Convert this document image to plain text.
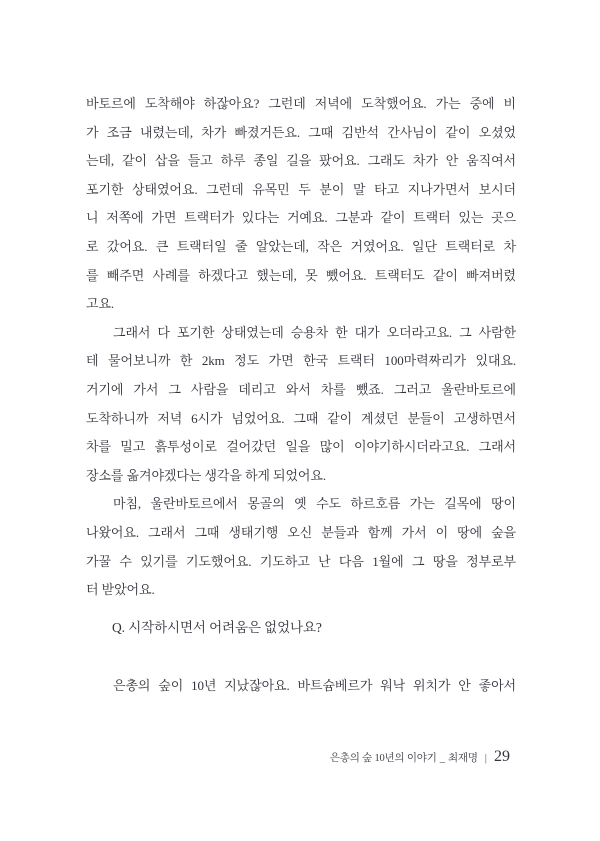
바토르에 도착해야 하잖아요? 그런데 저녁에 도착했어요. 가는 중에 비
가 조금 내렸는데, 차가 빠졌거든요. 그때 김반석 간사님이 같이 오셨었
는데, 같이 삽을 들고 하루 종일 길을 팠어요. 그래도 차가 안 움직여서
포기한 상태였어요. 그런데 유목민 두 분이 말 타고 지나가면서 보시더
니 저쪽에 가면 트랙터가 있다는 거예요. 그분과 같이 트랙터 있는 곳으
로 갔어요. 큰 트랙터일 줄 알았는데, 작은 거였어요. 일단 트랙터로 차
를 빼주면 사례를 하겠다고 했는데, 못 뺐어요. 트랙터도 같이 빠져버렸
고요.
그래서 다 포기한 상태였는데 승용차 한 대가 오더라고요. 그 사람한
테 물어보니까 한 2km 정도 가면 한국 트랙터 100마력짜리가 있대요.
거기에 가서 그 사람을 데리고 와서 차를 뺐죠. 그러고 울란바토르에
도착하니까 저녁 6시가 넘었어요. 그때 같이 계셨던 분들이 고생하면서
차를 밀고 흙투성이로 걸어갔던 일을 많이 이야기하시더라고요. 그래서
장소를 옮겨야겠다는 생각을 하게 되었어요.
마침, 울란바토르에서 몽골의 옛 수도 하르호름 가는 길목에 땅이
나왔어요. 그래서 그때 생태기행 오신 분들과 함께 가서 이 땅에 숲을
가꿀 수 있기를 기도했어요. 기도하고 난 다음 1월에 그 땅을 정부로부
터 받았어요.
Q. 시작하시면서 어려움은 없었나요?
은총의 숲이 10년 지났잖아요. 바트슘베르가 워낙 위치가 안 좋아서
은총의 숲 10년의 이야기 _ 최재명 | 29
